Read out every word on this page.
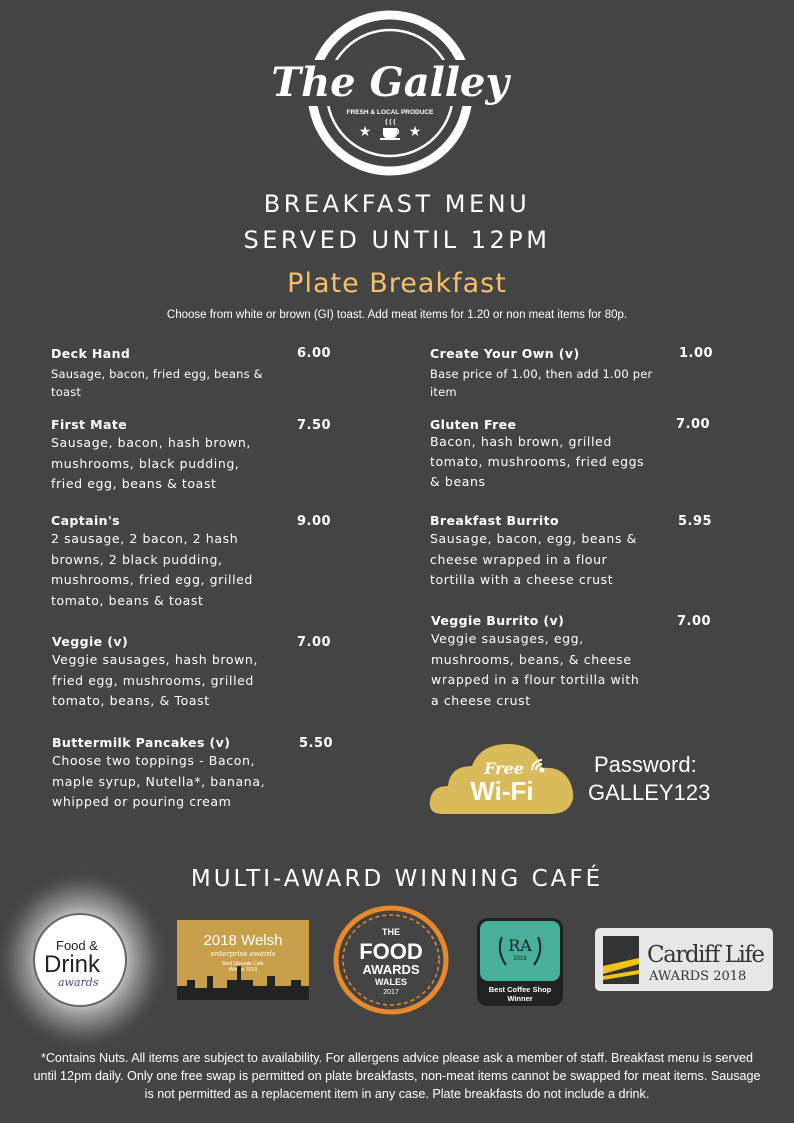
The Galley
FRESH & LOCAL PRODUCE
★	★
BREAKFAST MENU
SERVED UNTIL 12PM
Plate Breakfast
Choose from white or brown (GI) toast. Add meat items for 1.20 or non meat items for 80p.
Deck Hand
Sausage, bacon, fried egg, beans &
toast
6.00
First Mate
Sausage, bacon, hash brown,
mushrooms, black pudding,
fried egg, beans & toast
7.50
Captain's
2 sausage, 2 bacon, 2 hash
browns, 2 black pudding,
mushrooms, fried egg, grilled
tomato, beans & toast
9.00
Veggie (v)
Veggie sausages, hash brown,
fried egg, mushrooms, grilled
tomato, beans, & Toast
7.00
Buttermilk Pancakes (v)
Choose two toppings - Bacon,
maple syrup, Nutella*, banana,
whipped or pouring cream
5.50
Create Your Own (v)
Base price of 1.00, then add 1.00 per
item
1.00
Gluten Free
Bacon, hash brown, grilled
tomato, mushrooms, fried eggs
& beans
7.00
Breakfast Burrito
Sausage, bacon, egg, beans &
cheese wrapped in a flour
tortilla with a cheese crust
5.95
Veggie Burrito (v)
Veggie sausages, egg,
mushrooms, beans, & cheese
wrapped in a flour tortilla with
a cheese crust
7.00
Free
Wi-Fi
Password:
GALLEY123
MULTI-AWARD WINNING CAFÉ
Food &
Drink
awards
2018 Welsh
enterprise awards
Best Upscale Cafe
Winner 2018
THE
FOOD
AWARDS
WALES
2017
RA
2018
Best Coffee Shop
Winner
Cardiff Life
AWARDS 2018
*Contains Nuts. All items are subject to availability. For allergens advice please ask a member of staff. Breakfast menu is served until 12pm daily. Only one free swap is permitted on plate breakfasts, non-meat items cannot be swapped for meat items. Sausage is not permitted as a replacement item in any case. Plate breakfasts do not include a drink.
